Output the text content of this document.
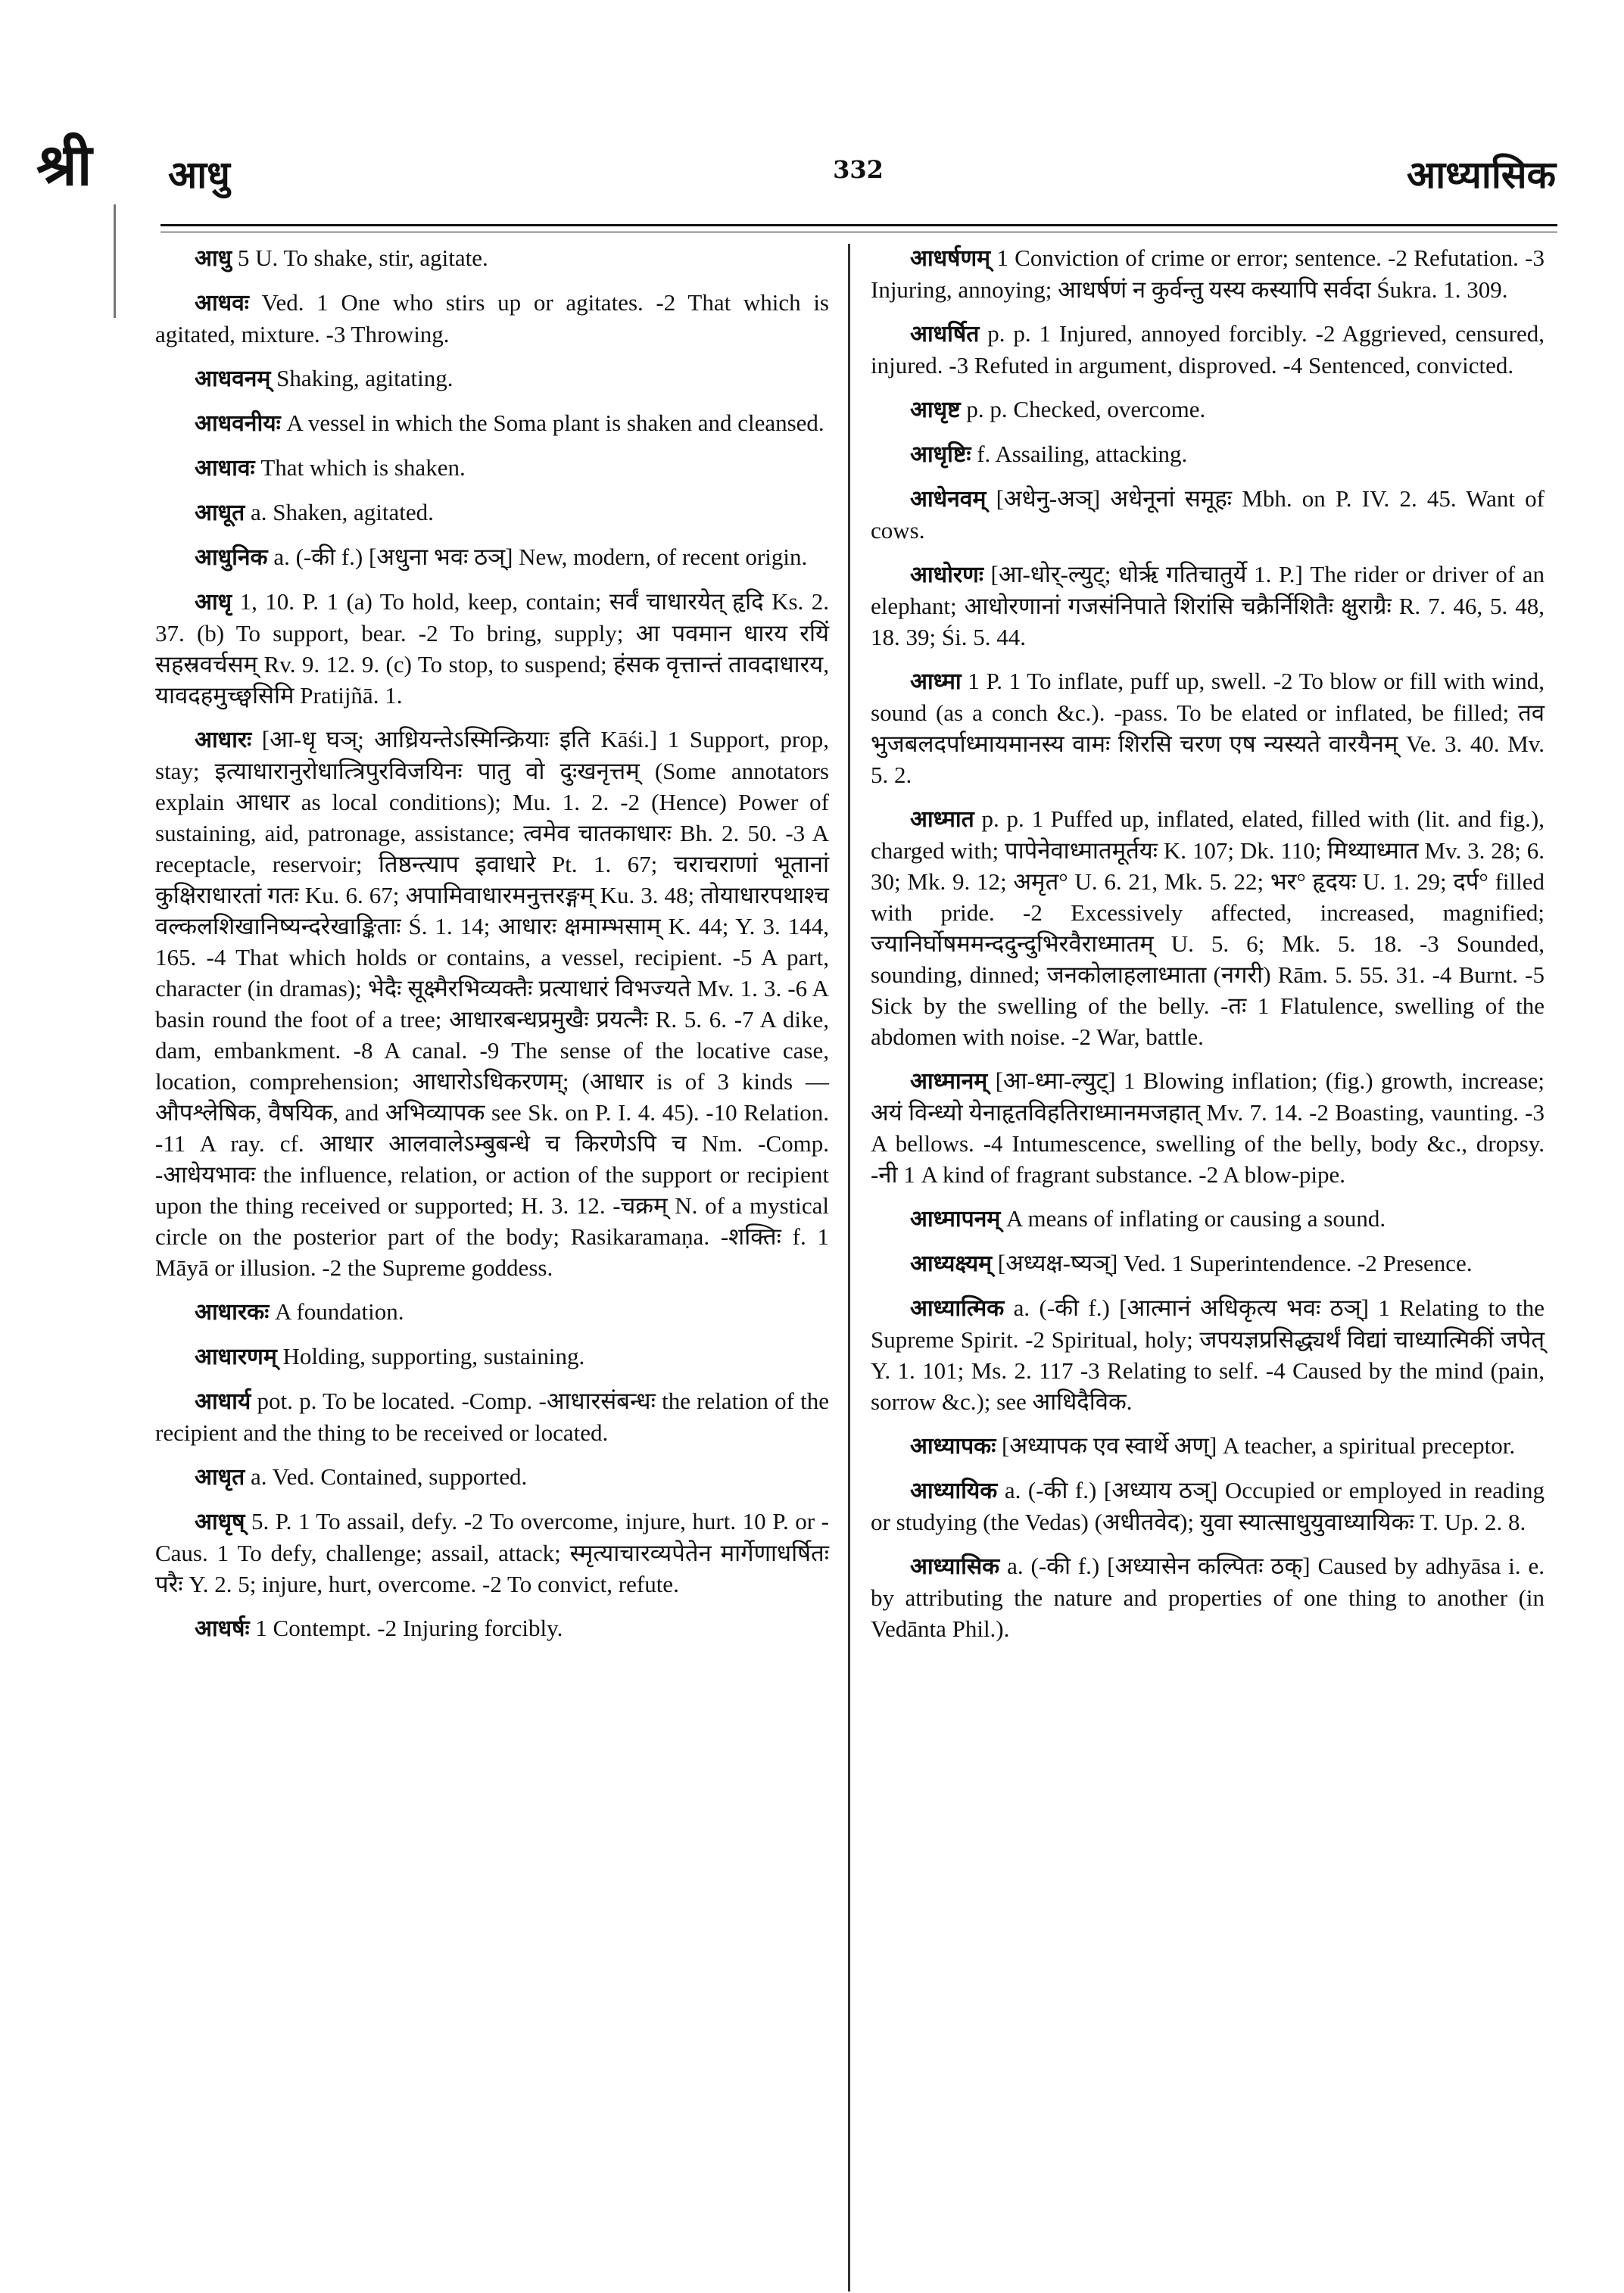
श्री आधु	332	आध्यासिक

आधु 5 U. To shake, stir, agitate.

आधवः Ved. 1 One who stirs up or agitates. -2 That which is agitated, mixture. -3 Throwing.

आधवनम् Shaking, agitating.

आधवनीयः A vessel in which the Soma plant is shaken and cleansed.

आधावः That which is shaken.

आधूत a. Shaken, agitated.

आधुनिक a. (-की f.) [अधुना भवः ठञ्] New, modern, of recent origin.

आधृ 1, 10. P. 1 (a) To hold, keep, contain; सर्वं चाधारयेत् हृदि Ks. 2. 37. (b) To support, bear. -2 To bring, supply; आ पवमान धारय रयिं सहस्रवर्चसम् Rv. 9. 12. 9. (c) To stop, to suspend; हंसक वृत्तान्तं तावदाधारय, यावदहमुच्छ्वसिमि Pratijñā. 1.

आधारः [आ-धृ घञ्; आध्रियन्तेऽस्मिन्क्रियाः इति Kāśi.] 1 Support, prop, stay; इत्याधारानुरोधात्त्रिपुरविजयिनः पातु वो दुःखनृत्तम् (Some annotators explain आधार as local conditions); Mu. 1. 2. -2 (Hence) Power of sustaining, aid, patronage, assistance; त्वमेव चातकाधारः Bh. 2. 50. -3 A receptacle, reservoir; तिष्ठन्त्याप इवाधारे Pt. 1. 67; चराचराणां भूतानां कुक्षिराधारतां गतः Ku. 6. 67; अपामिवाधारमनुत्तरङ्गम् Ku. 3. 48; तोयाधारपथाश्च वल्कलशिखानिष्यन्दरेखाङ्किताः Ś. 1. 14; आधारः क्षमाम्भसाम् K. 44; Y. 3. 144, 165. -4 That which holds or contains, a vessel, recipient. -5 A part, character (in dramas); भेदैः सूक्ष्मैरभिव्यक्तैः प्रत्याधारं विभज्यते Mv. 1. 3. -6 A basin round the foot of a tree; आधारबन्धप्रमुखैः प्रयत्नैः R. 5. 6. -7 A dike, dam, embankment. -8 A canal. -9 The sense of the locative case, location, comprehension; आधारोऽधिकरणम्; (आधार is of 3 kinds — औपश्लेषिक, वैषयिक, and अभिव्यापक see Sk. on P. I. 4. 45). -10 Relation. -11 A ray. cf. आधार आलवालेऽम्बुबन्धे च किरणेऽपि च Nm. -Comp. -आधेयभावः the influence, relation, or action of the support or recipient upon the thing received or supported; H. 3. 12. -चक्रम् N. of a mystical circle on the posterior part of the body; Rasikaramaṇa. -शक्तिः f. 1 Māyā or illusion. -2 the Supreme goddess.

आधारकः A foundation.

आधारणम् Holding, supporting, sustaining.

आधार्य pot. p. To be located. -Comp. -आधारसंबन्धः the relation of the recipient and the thing to be received or located.

आधृत a. Ved. Contained, supported.

आधृष् 5. P. 1 To assail, defy. -2 To overcome, injure, hurt. 10 P. or -Caus. 1 To defy, challenge; assail, attack; स्मृत्याचारव्यपेतेन मार्गेणाधर्षितः परैः Y. 2. 5; injure, hurt, overcome. -2 To convict, refute.

आधर्षः 1 Contempt. -2 Injuring forcibly.

आधर्षणम् 1 Conviction of crime or error; sentence. -2 Refutation. -3 Injuring, annoying; आधर्षणं न कुर्वन्तु यस्य कस्यापि सर्वदा Śukra. 1. 309.

आधर्षित p. p. 1 Injured, annoyed forcibly. -2 Aggrieved, censured, injured. -3 Refuted in argument, disproved. -4 Sentenced, convicted.

आधृष्ट p. p. Checked, overcome.

आधृष्टिः f. Assailing, attacking.

आधेनवम् [अधेनु-अञ्] अधेनूनां समूहः Mbh. on P. IV. 2. 45. Want of cows.

आधोरणः [आ-धोर्-ल्युट्; धोर्ऋ गतिचातुर्ये 1. P.] The rider or driver of an elephant; आधोरणानां गजसंनिपाते शिरांसि चक्रैर्निशितैः क्षुराग्रैः R. 7. 46, 5. 48, 18. 39; Śi. 5. 44.

आध्मा 1 P. 1 To inflate, puff up, swell. -2 To blow or fill with wind, sound (as a conch &c.). -pass. To be elated or inflated, be filled; तव भुजबलदर्पाध्मायमानस्य वामः शिरसि चरण एष न्यस्यते वारयैनम् Ve. 3. 40. Mv. 5. 2.

आध्मात p. p. 1 Puffed up, inflated, elated, filled with (lit. and fig.), charged with; पापेनेवाध्मातमूर्तयः K. 107; Dk. 110; मिथ्याध्मात Mv. 3. 28; 6. 30; Mk. 9. 12; अमृत° U. 6. 21, Mk. 5. 22; भर° हृदयः U. 1. 29; दर्प° filled with pride. -2 Excessively affected, increased, magnified; ज्यानिर्घोषममन्ददुन्दुभिरवैराध्मातम् U. 5. 6; Mk. 5. 18. -3 Sounded, sounding, dinned; जनकोलाहलाध्माता (नगरी) Rām. 5. 55. 31. -4 Burnt. -5 Sick by the swelling of the belly. -तः 1 Flatulence, swelling of the abdomen with noise. -2 War, battle.

आध्मानम् [आ-ध्मा-ल्युट्] 1 Blowing inflation; (fig.) growth, increase; अयं विन्ध्यो येनाहृतविहतिराध्मानमजहात् Mv. 7. 14. -2 Boasting, vaunting. -3 A bellows. -4 Intumescence, swelling of the belly, body &c., dropsy. -नी 1 A kind of fragrant substance. -2 A blow-pipe.

आध्मापनम् A means of inflating or causing a sound.

आध्यक्ष्यम् [अध्यक्ष-ष्यञ्] Ved. 1 Superintendence. -2 Presence.

आध्यात्मिक a. (-की f.) [आत्मानं अधिकृत्य भवः ठञ्] 1 Relating to the Supreme Spirit. -2 Spiritual, holy; जपयज्ञप्रसिद्ध्यर्थं विद्यां चाध्यात्मिकीं जपेत् Y. 1. 101; Ms. 2. 117 -3 Relating to self. -4 Caused by the mind (pain, sorrow &c.); see आधिदैविक.

आध्यापकः [अध्यापक एव स्वार्थे अण्] A teacher, a spiritual preceptor.

आध्यायिक a. (-की f.) [अध्याय ठञ्] Occupied or employed in reading or studying (the Vedas) (अधीतवेद); युवा स्यात्साधुयुवाध्यायिकः T. Up. 2. 8.

आध्यासिक a. (-की f.) [अध्यासेन कल्पितः ठक्] Caused by adhyāsa i. e. by attributing the nature and properties of one thing to another (in Vedānta Phil.).
